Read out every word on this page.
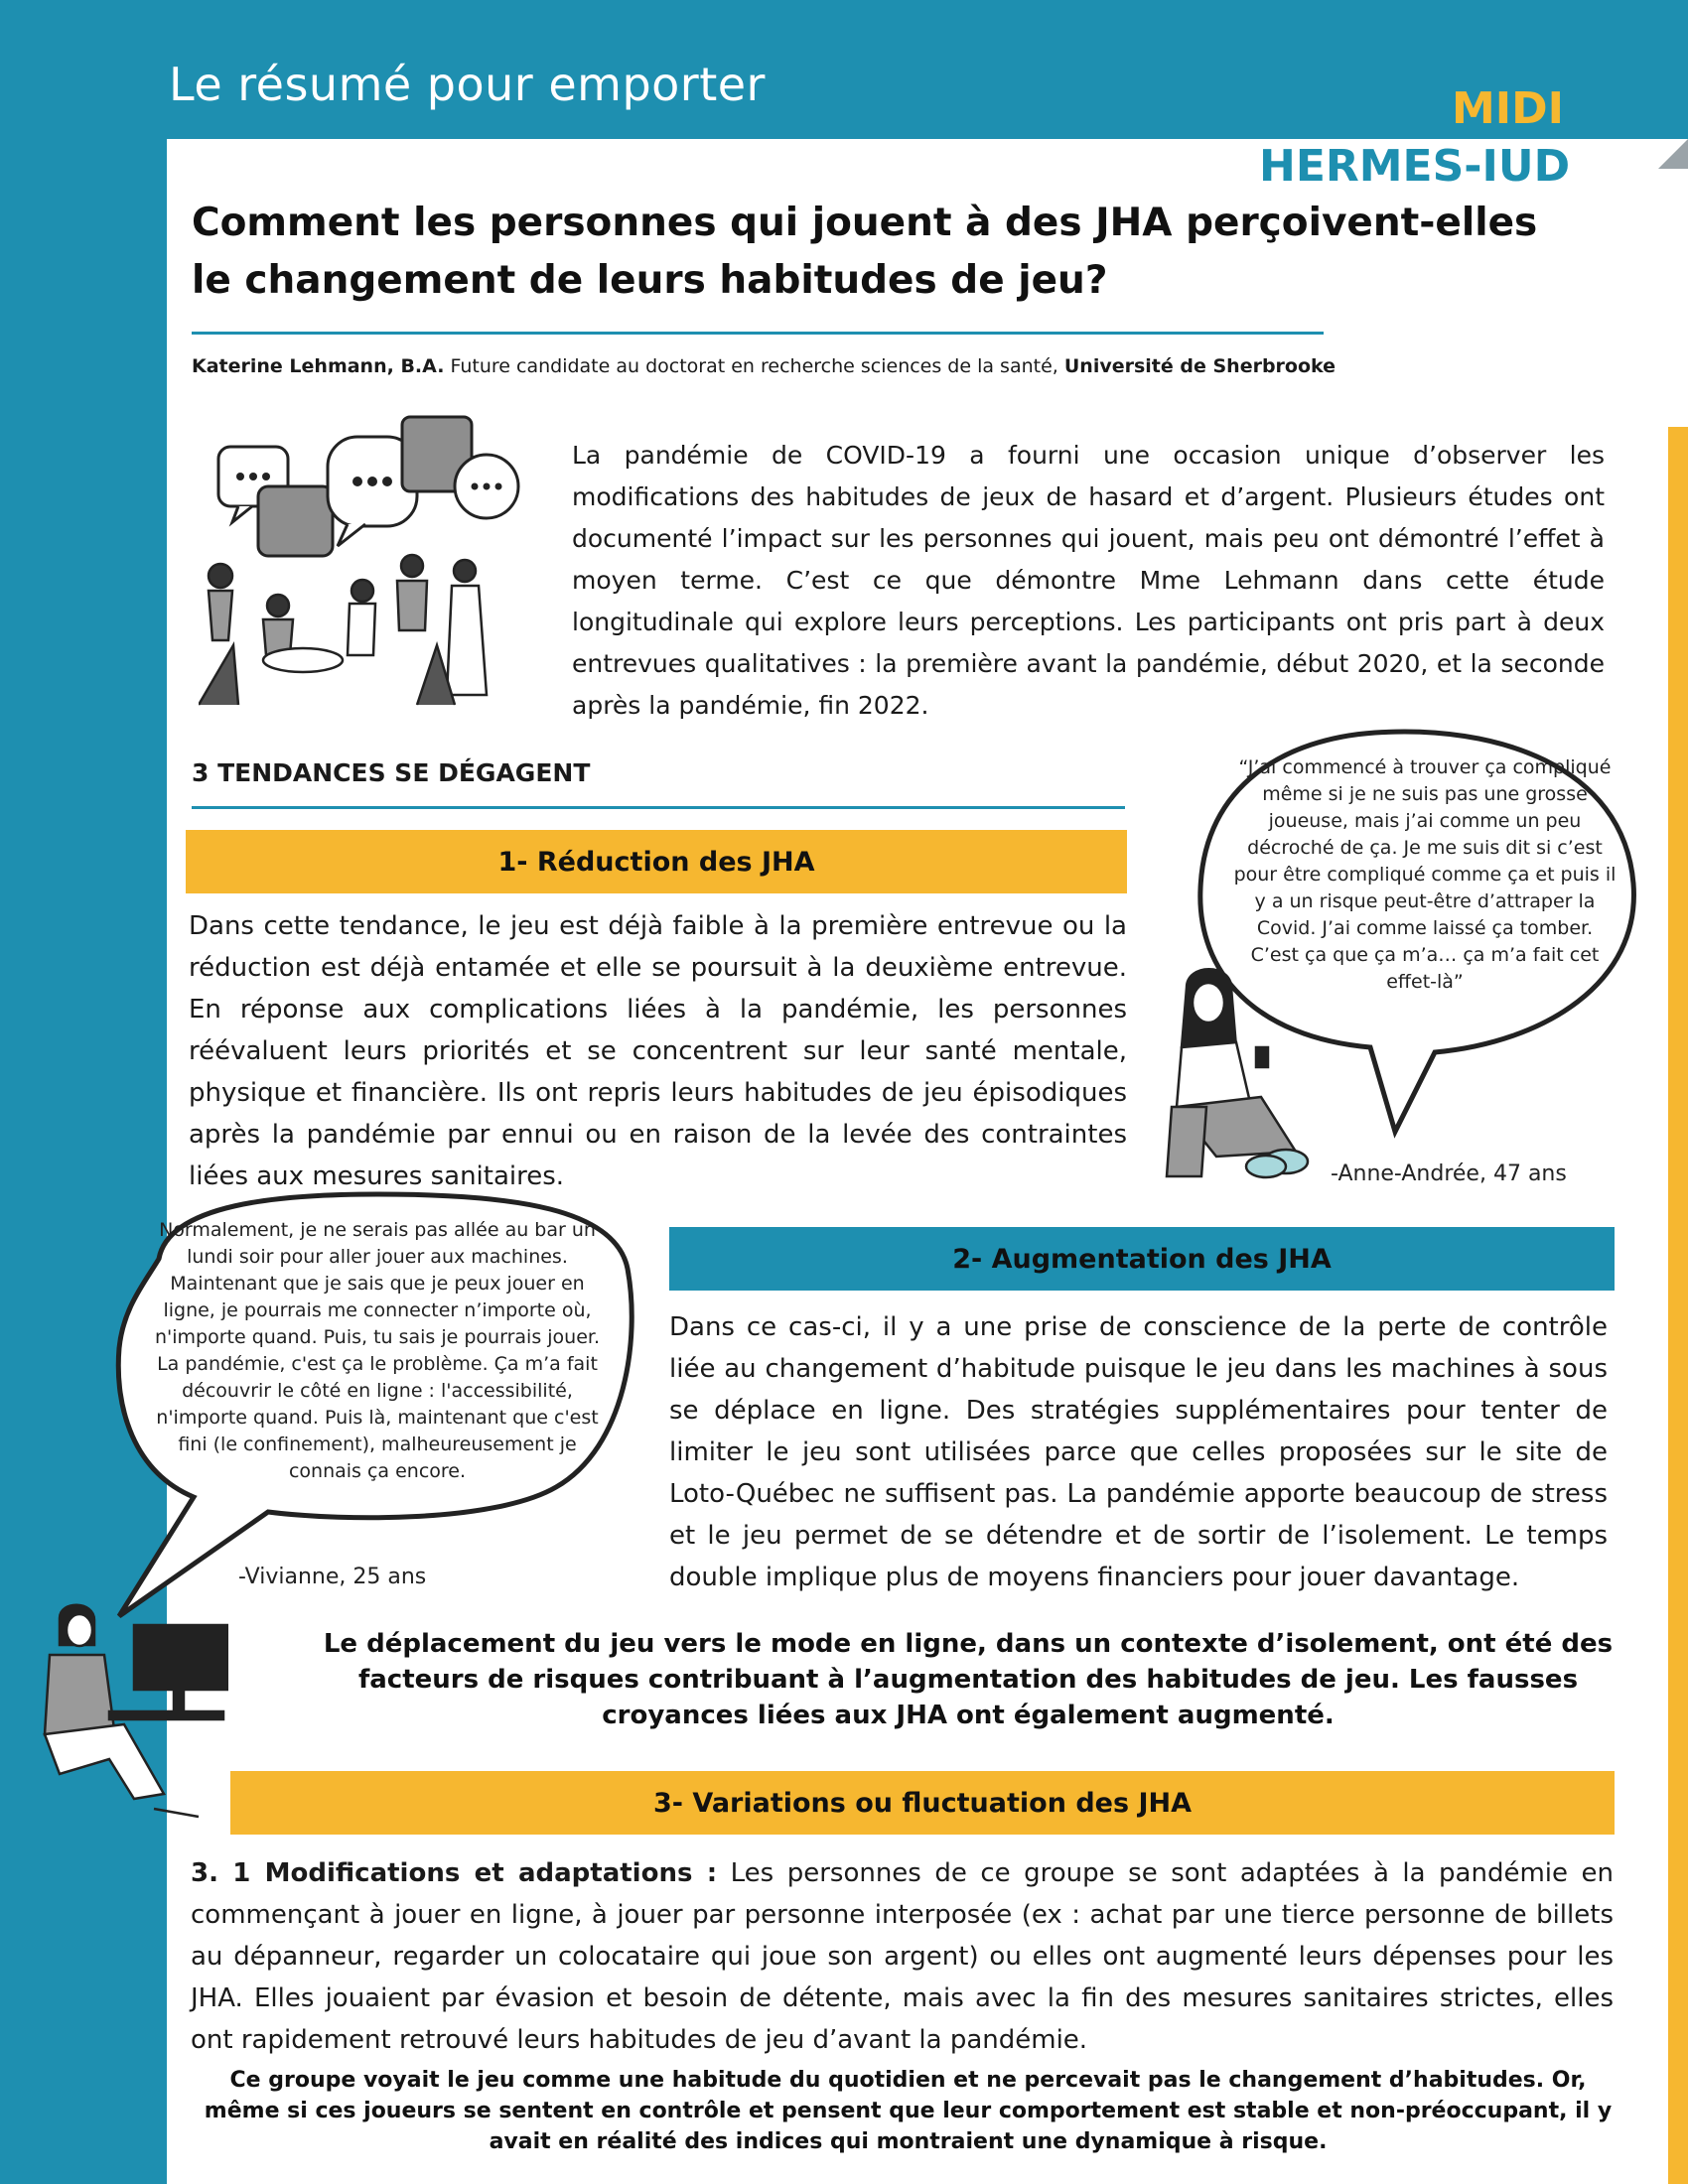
Le résumé pour emporter	MIDI
HERMES-IUD
Comment les personnes qui jouent à des JHA perçoivent-elles
le changement de leurs habitudes de jeu?
Katerine Lehmann, B.A. Future candidate au doctorat en recherche sciences de la santé, Université de Sherbrooke
La pandémie de COVID-19 a fourni une occasion unique d’observer les modifications des habitudes de jeux de hasard et d’argent. Plusieurs études ont documenté l’impact sur les personnes qui jouent, mais peu ont démontré l’effet à moyen terme. C’est ce que démontre Mme Lehmann dans cette étude longitudinale qui explore leurs perceptions. Les participants ont pris part à deux entrevues qualitatives : la première avant la pandémie, début 2020, et la seconde après la pandémie, fin 2022.
3 TENDANCES SE DÉGAGENT
1- Réduction des JHA
Dans cette tendance, le jeu est déjà faible à la première entrevue ou la réduction est déjà entamée et elle se poursuit à la deuxième entrevue. En réponse aux complications liées à la pandémie, les personnes réévaluent leurs priorités et se concentrent sur leur santé mentale, physique et financière. Ils ont repris leurs habitudes de jeu épisodiques après la pandémie par ennui ou en raison de la levée des contraintes liées aux mesures sanitaires.
“J’ai commencé à trouver ça compliqué même si je ne suis pas une grosse joueuse, mais j’ai comme un peu décroché de ça. Je me suis dit si c’est pour être compliqué comme ça et puis il y a un risque peut-être d’attraper la Covid. J’ai comme laissé ça tomber. C’est ça que ça m’a… ça m’a fait cet effet-là”
-Anne-Andrée, 47 ans
2- Augmentation des JHA
Dans ce cas-ci, il y a une prise de conscience de la perte de contrôle liée au changement d’habitude puisque le jeu dans les machines à sous se déplace en ligne. Des stratégies supplémentaires pour tenter de limiter le jeu sont utilisées parce que celles proposées sur le site de Loto-Québec ne suffisent pas. La pandémie apporte beaucoup de stress et le jeu permet de se détendre et de sortir de l’isolement. Le temps double implique plus de moyens financiers pour jouer davantage.
Normalement, je ne serais pas allée au bar un lundi soir pour aller jouer aux machines. Maintenant que je sais que je peux jouer en ligne, je pourrais me connecter n’importe où, n'importe quand. Puis, tu sais je pourrais jouer. La pandémie, c'est ça le problème. Ça m’a fait découvrir le côté en ligne : l'accessibilité, n'importe quand. Puis là, maintenant que c'est fini (le confinement), malheureusement je connais ça encore.
-Vivianne, 25 ans
Le déplacement du jeu vers le mode en ligne, dans un contexte d’isolement, ont été des facteurs de risques contribuant à l’augmentation des habitudes de jeu. Les fausses croyances liées aux JHA ont également augmenté.
3- Variations ou fluctuation des JHA
3. 1 Modifications et adaptations : Les personnes de ce groupe se sont adaptées à la pandémie en commençant à jouer en ligne, à jouer par personne interposée (ex : achat par une tierce personne de billets au dépanneur, regarder un colocataire qui joue son argent) ou elles ont augmenté leurs dépenses pour les JHA. Elles jouaient par évasion et besoin de détente, mais avec la fin des mesures sanitaires strictes, elles ont rapidement retrouvé leurs habitudes de jeu d’avant la pandémie.
Ce groupe voyait le jeu comme une habitude du quotidien et ne percevait pas le changement d’habitudes. Or, même si ces joueurs se sentent en contrôle et pensent que leur comportement est stable et non-préoccupant, il y avait en réalité des indices qui montraient une dynamique à risque.
